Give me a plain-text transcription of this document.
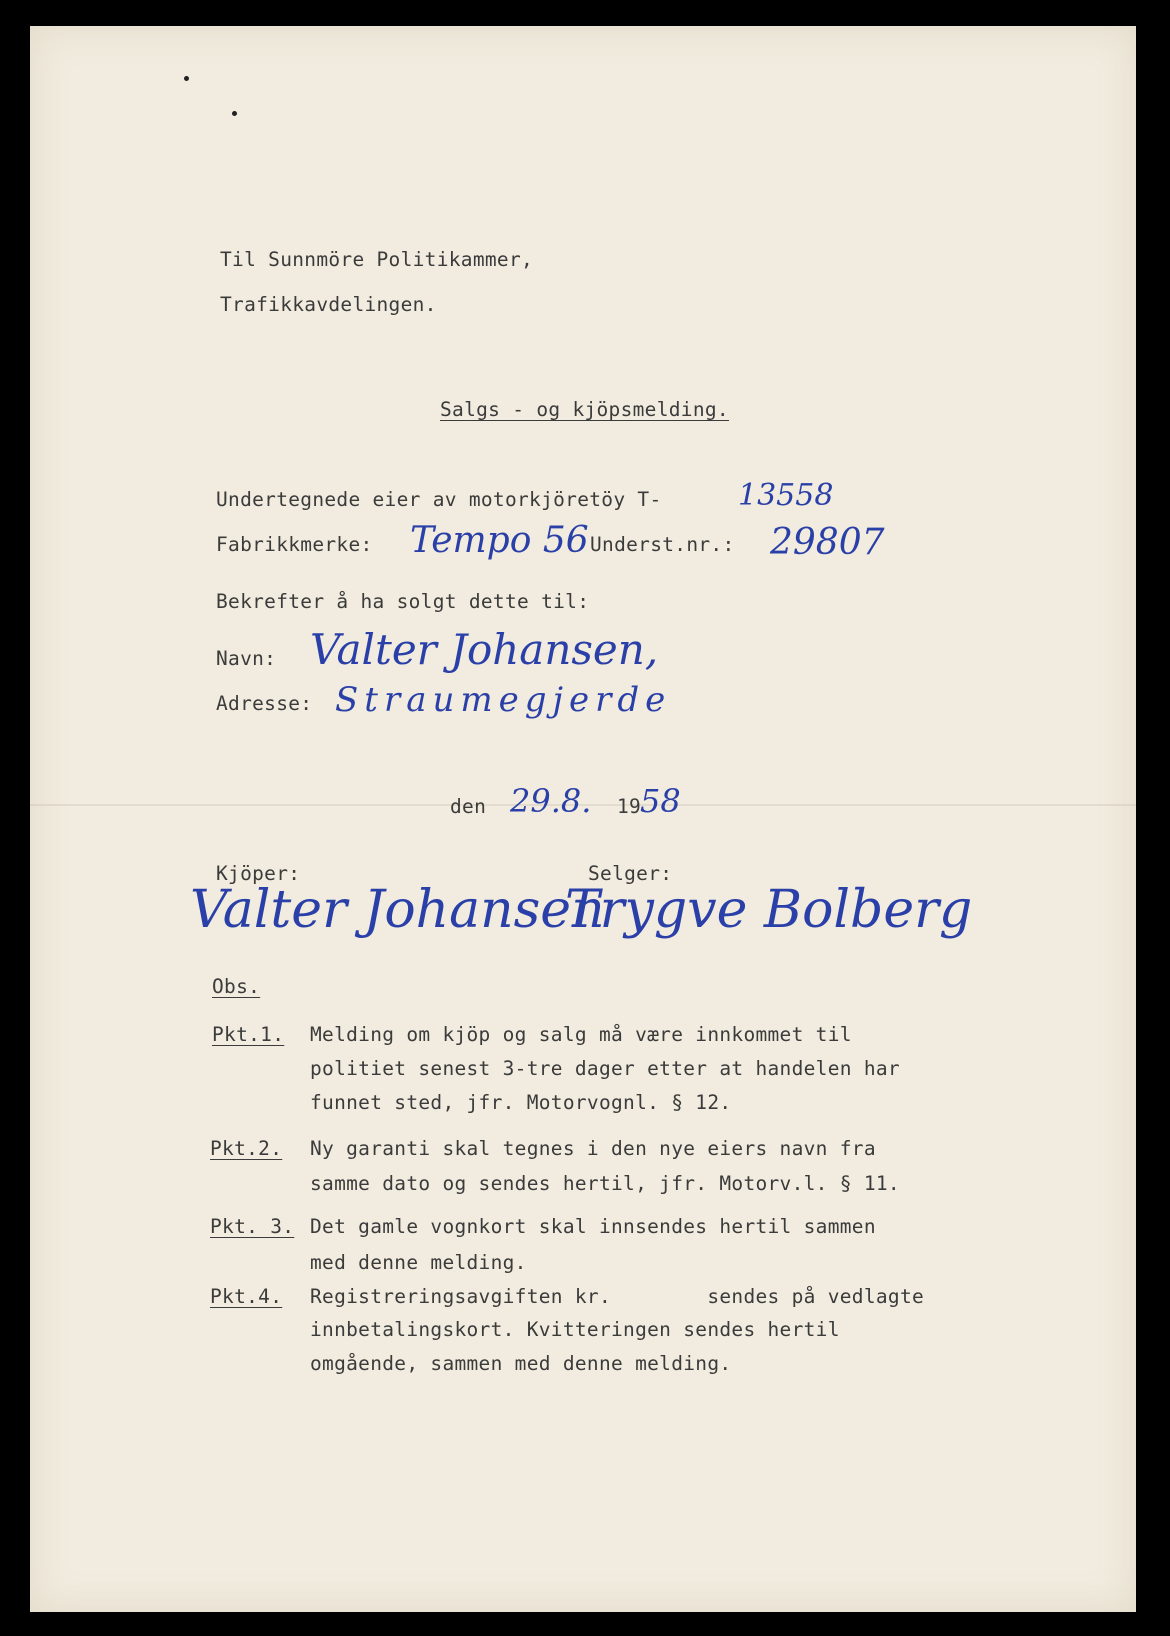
Til Sunnmöre Politikammer,
Trafikkavdelingen.
Salgs - og kjöpsmelding.
Undertegnede eier av motorkjöretöy T-	13558
Fabrikkmerke: Tempo 56 Underst.nr.: 29807
Bekrefter å ha solgt dette til:
Navn: Valter Johansen,
Adresse: Straumegjerde
den 29.8. 19
58
Kjöper:
Valter Johansen
Selger:
Trygve Bolberg
Obs.
Pkt.1. Melding om kjöp og salg må være innkommet til
politiet senest 3-tre dager etter at handelen har
funnet sted, jfr. Motorvognl. § 12.
Pkt.2. Ny garanti skal tegnes i den nye eiers navn fra
samme dato og sendes hertil, jfr. Motorv.l. § 11.
Pkt. 3. Det gamle vognkort skal innsendes hertil sammen
med denne melding.
Pkt.4. Registreringsavgiften kr.        sendes på vedlagte
innbetalingskort. Kvitteringen sendes hertil
omgående, sammen med denne melding.
